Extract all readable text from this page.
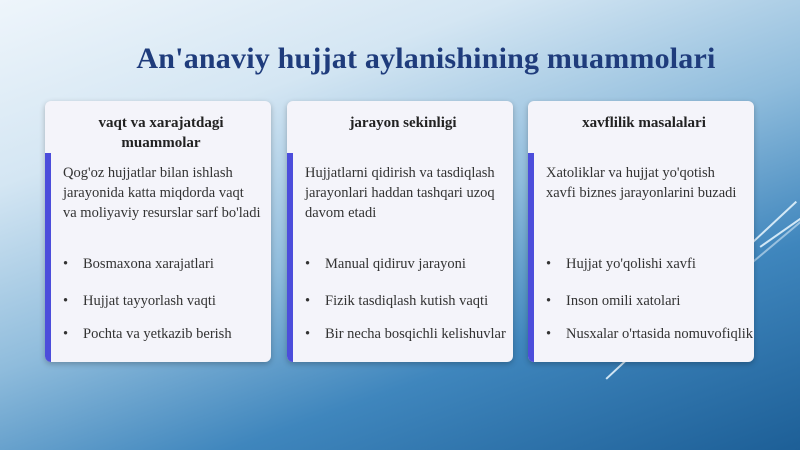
An'anaviy hujjat aylanishining muammolari
vaqt va xarajatdagi muammolar
Qog'oz hujjatlar bilan ishlash jarayonida katta miqdorda vaqt va moliyaviy resurslar sarf bo'ladi
• Bosmaxona xarajatlari
• Hujjat tayyorlash vaqti
• Pochta va yetkazib berish
jarayon sekinligi
Hujjatlarni qidirish va tasdiqlash jarayonlari haddan tashqari uzoq davom etadi
• Manual qidiruv jarayoni
• Fizik tasdiqlash kutish vaqti
• Bir necha bosqichli kelishuvlar
xavflilik masalalari
Xatoliklar va hujjat yo'qotish xavfi biznes jarayonlarini buzadi
• Hujjat yo'qolishi xavfi
• Inson omili xatolari
• Nusxalar o'rtasida nomuvofiqlik
